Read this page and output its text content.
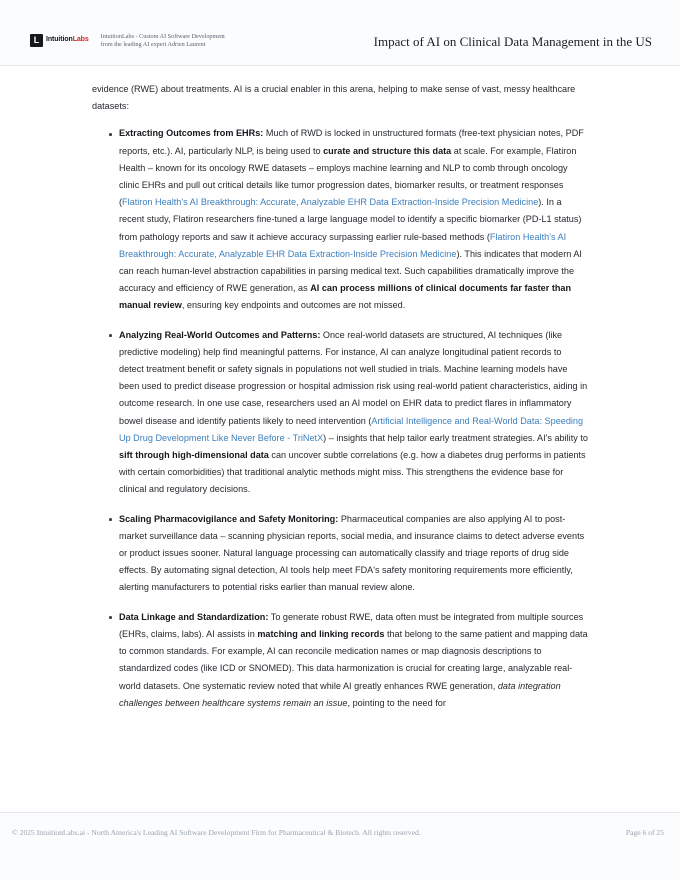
L IntuitionLabs IntuitionLabs - Custom AI Software Development
from the leading AI expert Adrien Laurent	Impact of AI on Clinical Data Management in the US

evidence (RWE) about treatments. AI is a crucial enabler in this arena, helping to make sense of vast, messy healthcare datasets:

Extracting Outcomes from EHRs: Much of RWD is locked in unstructured formats (free-text physician notes, PDF reports, etc.). AI, particularly NLP, is being used to curate and structure this data at scale. For example, Flatiron Health – known for its oncology RWE datasets – employs machine learning and NLP to comb through oncology clinic EHRs and pull out critical details like tumor progression dates, biomarker results, or treatment responses (Flatiron Health's AI Breakthrough: Accurate, Analyzable EHR Data Extraction-Inside Precision Medicine). In a recent study, Flatiron researchers fine-tuned a large language model to identify a specific biomarker (PD-L1 status) from pathology reports and saw it achieve accuracy surpassing earlier rule-based methods (Flatiron Health's AI Breakthrough: Accurate, Analyzable EHR Data Extraction-Inside Precision Medicine). This indicates that modern AI can reach human-level abstraction capabilities in parsing medical text. Such capabilities dramatically improve the accuracy and efficiency of RWE generation, as AI can process millions of clinical documents far faster than manual review, ensuring key endpoints and outcomes are not missed.
Analyzing Real-World Outcomes and Patterns: Once real-world datasets are structured, AI techniques (like predictive modeling) help find meaningful patterns. For instance, AI can analyze longitudinal patient records to detect treatment benefit or safety signals in populations not well studied in trials. Machine learning models have been used to predict disease progression or hospital admission risk using real-world patient characteristics, aiding in outcome research. In one use case, researchers used an AI model on EHR data to predict flares in inflammatory bowel disease and identify patients likely to need intervention (Artificial Intelligence and Real-World Data: Speeding Up Drug Development Like Never Before - TriNetX) – insights that help tailor early treatment strategies. AI's ability to sift through high-dimensional data can uncover subtle correlations (e.g. how a diabetes drug performs in patients with certain comorbidities) that traditional analytic methods might miss. This strengthens the evidence base for clinical and regulatory decisions.
Scaling Pharmacovigilance and Safety Monitoring: Pharmaceutical companies are also applying AI to post-market surveillance data – scanning physician reports, social media, and insurance claims to detect adverse events or product issues sooner. Natural language processing can automatically classify and triage reports of drug side effects. By automating signal detection, AI tools help meet FDA's safety monitoring requirements more efficiently, alerting manufacturers to potential risks earlier than manual review alone.
Data Linkage and Standardization: To generate robust RWE, data often must be integrated from multiple sources (EHRs, claims, labs). AI assists in matching and linking records that belong to the same patient and mapping data to common standards. For example, AI can reconcile medication names or map diagnosis descriptions to standardized codes (like ICD or SNOMED). This data harmonization is crucial for creating large, analyzable real-world datasets. One systematic review noted that while AI greatly enhances RWE generation, data integration challenges between healthcare systems remain an issue, pointing to the need for
© 2025 IntuitionLabs.ai - North America's Leading AI Software Development Firm for Pharmaceutical & Biotech. All rights reserved.	Page 6 of 25
